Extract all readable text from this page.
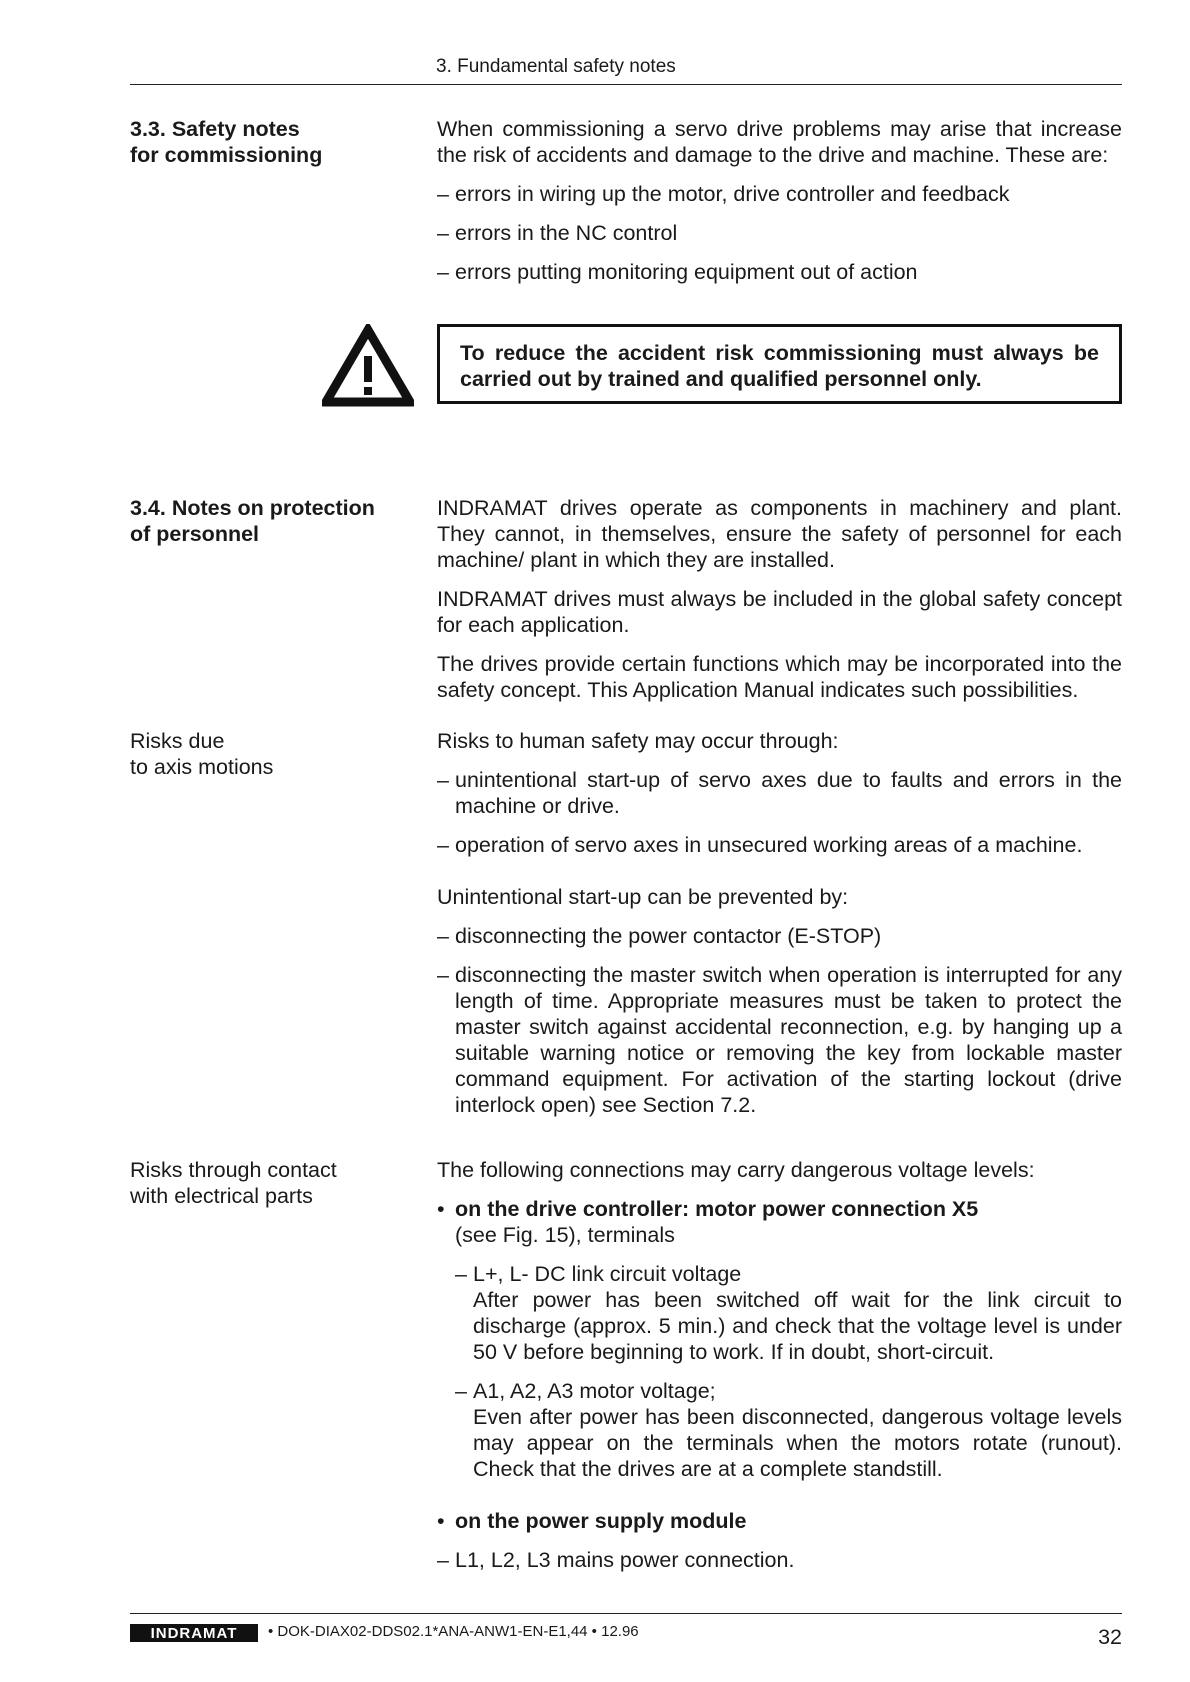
3. Fundamental safety notes
3.3. Safety notes
for commissioning

When commissioning a servo drive problems may arise that increase the risk of accidents and damage to the drive and machine. These are:

– errors in wiring up the motor, drive controller and feedback
– errors in the NC control
– errors putting monitoring equipment out of action
To reduce the accident risk commissioning must always be carried out by trained and qualified personnel only.
3.4. Notes on protection
of personnel

INDRAMAT drives operate as components in machinery and plant. They cannot, in themselves, ensure the safety of personnel for each machine/ plant in which they are installed.

INDRAMAT drives must always be included in the global safety concept for each application.

The drives provide certain functions which may be incorporated into the safety concept. This Application Manual indicates such possibilities.

Risks due
to axis motions

Risks to human safety may occur through:

– unintentional start-up of servo axes due to faults and errors in the machine or drive.
– operation of servo axes in unsecured working areas of a machine.

Unintentional start-up can be prevented by:

– disconnecting the power contactor (E-STOP)
– disconnecting the master switch when operation is interrupted for any length of time. Appropriate measures must be taken to protect the master switch against accidental reconnection, e.g. by hanging up a suitable warning notice or removing the key from lockable master command equipment. For activation of the starting lockout (drive interlock open) see Section 7.2.
Risks through contact
with electrical parts

The following connections may carry dangerous voltage levels:

• on the drive controller: motor power connection X5
(see Fig. 15), terminals
– L+, L- DC link circuit voltage
After power has been switched off wait for the link circuit to discharge (approx. 5 min.) and check that the voltage level is under 50 V before beginning to work. If in doubt, short-circuit.
– A1, A2, A3 motor voltage;
Even after power has been disconnected, dangerous voltage levels may appear on the terminals when the motors rotate (runout). Check that the drives are at a complete standstill.
• on the power supply module
– L1, L2, L3 mains power connection.
INDRAMAT • DOK-DIAX02-DDS02.1*ANA-ANW1-EN-E1,44 • 12.96	32
